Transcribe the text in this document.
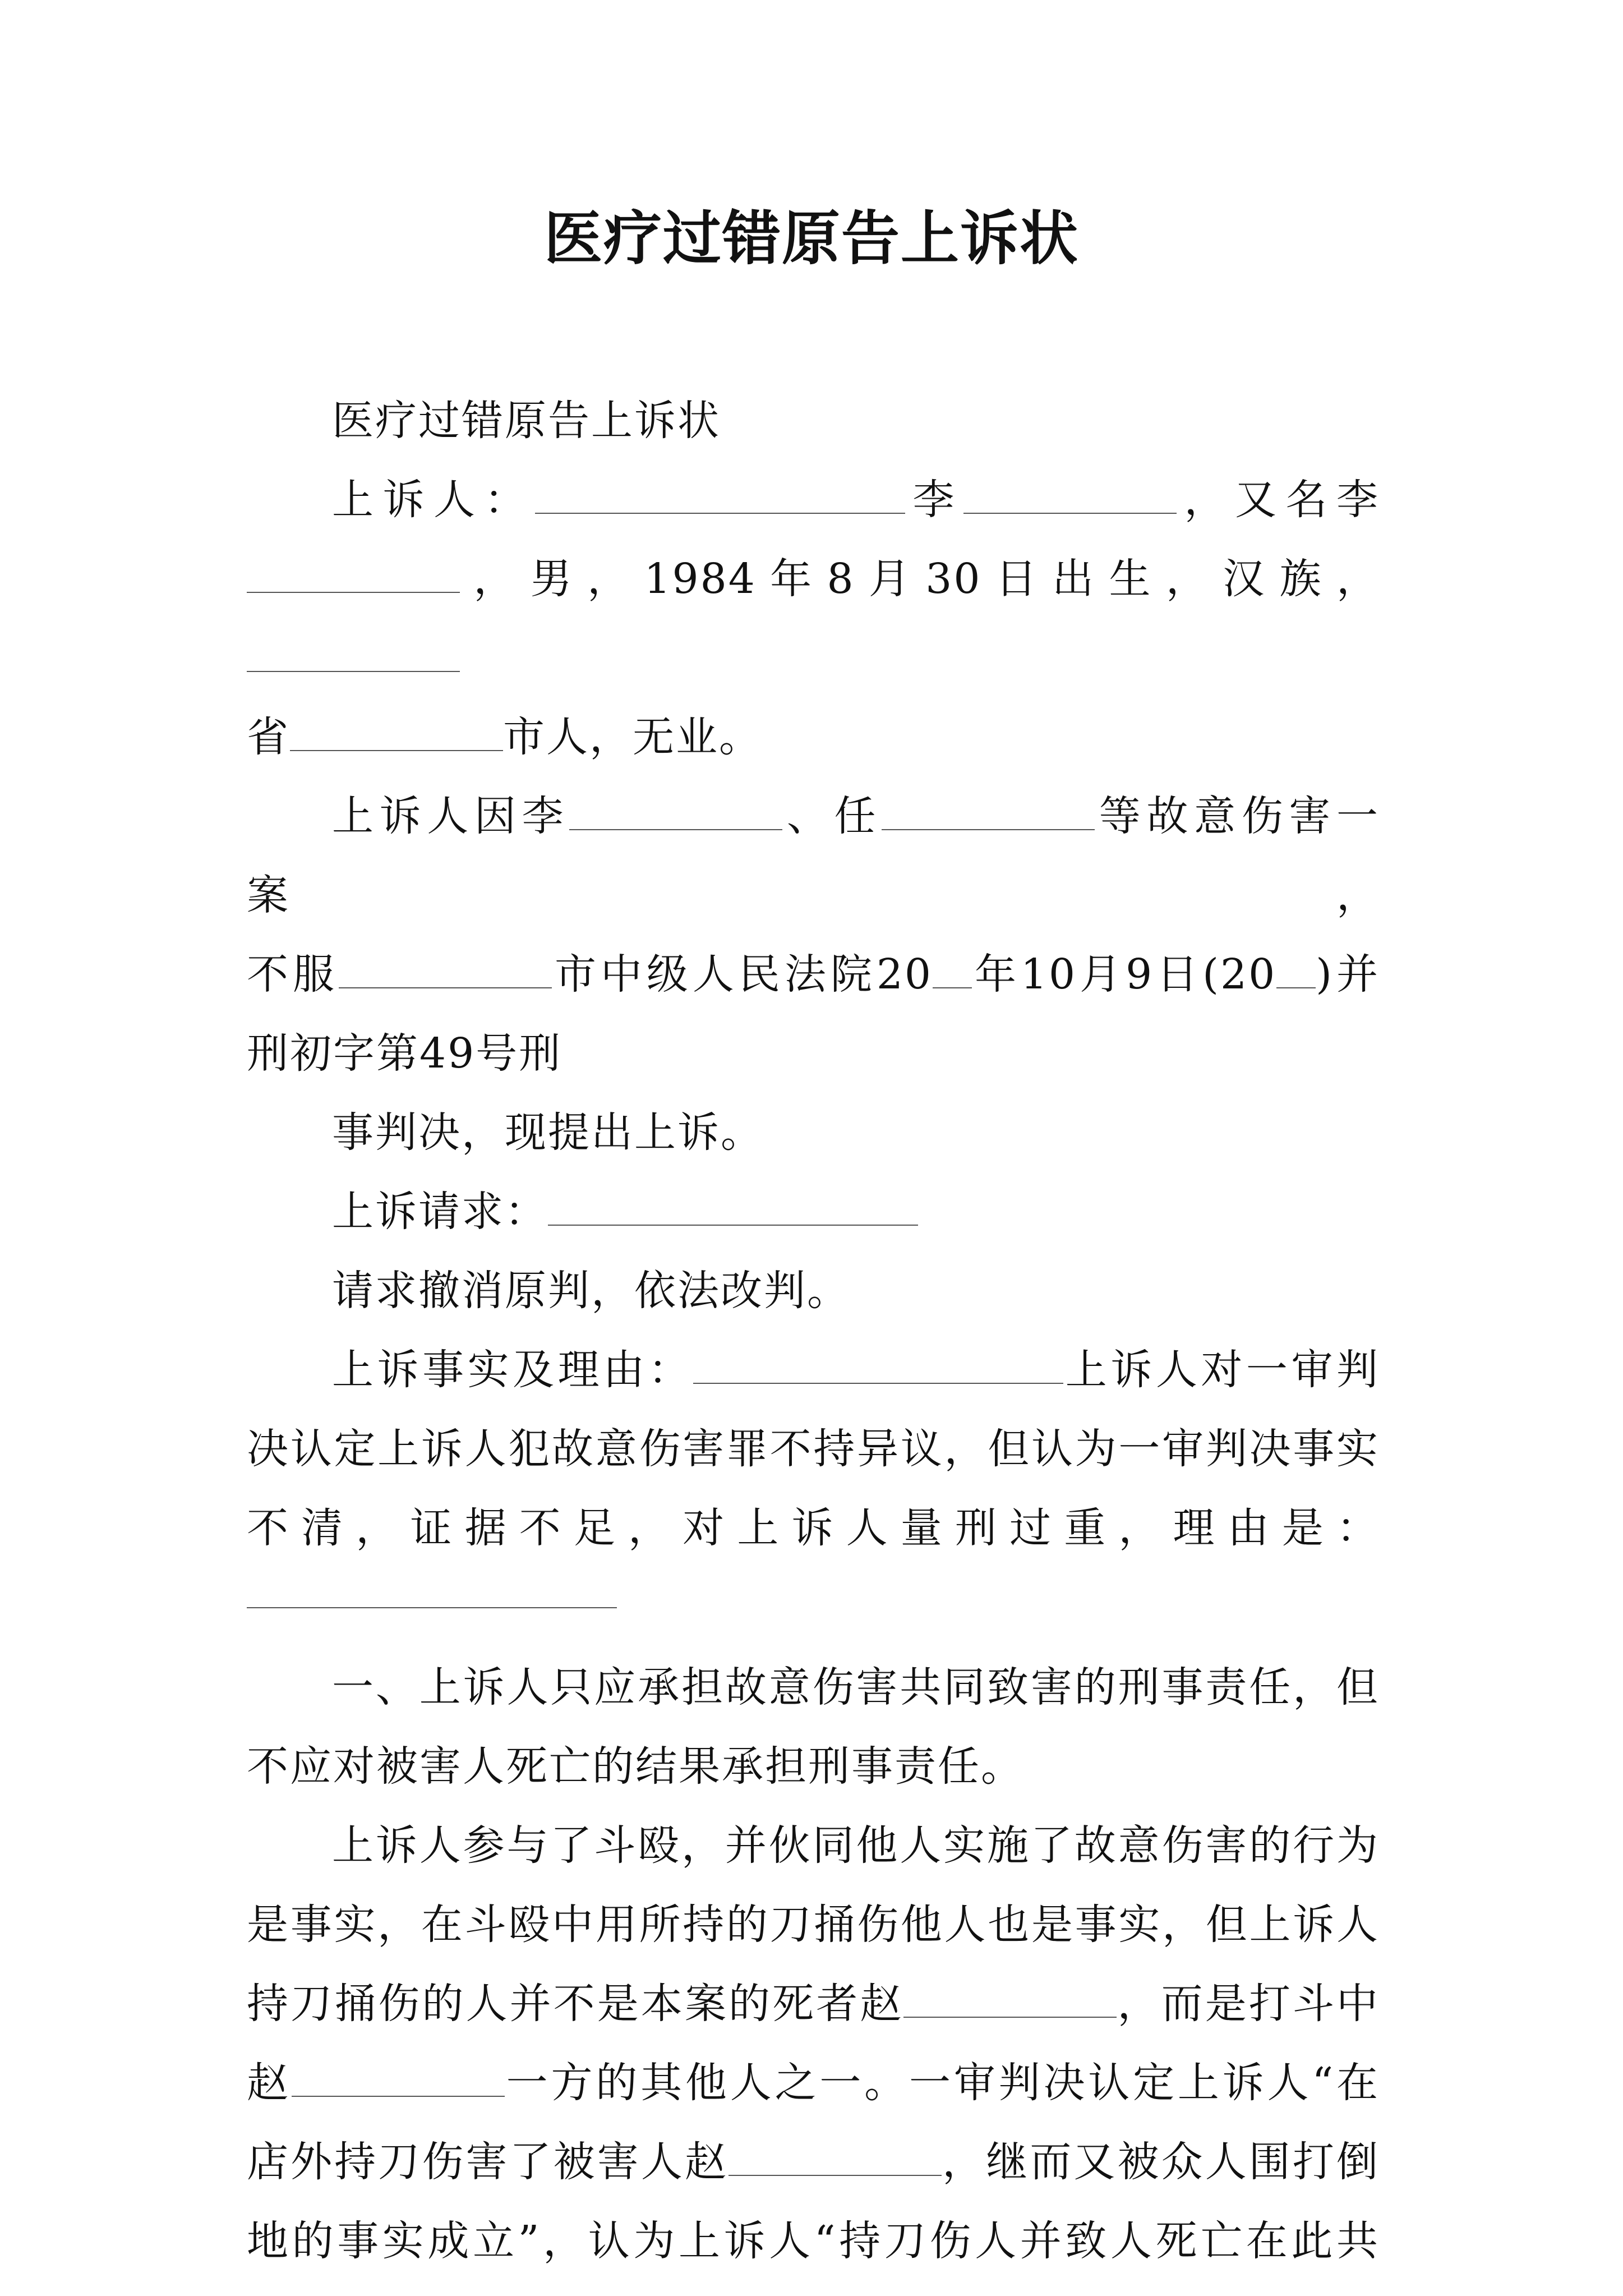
医疗过错原告上诉状

医疗过错原告上诉状

上诉人：	李	，又名李

，男，1984年8月30日出生，汉族，

省	市人，无业。

上诉人因李	、任	等故意伤害一案，

不服	市中级人民法院20 年10月9日(20 )并

刑初字第49号刑

事判决，现提出上诉。

上诉请求：

请求撤消原判，依法改判。

上诉事实及理由：	上诉人对一审判

决认定上诉人犯故意伤害罪不持异议，但认为一审判决事实

不清，证据不足，对上诉人量刑过重，理由是：

一、上诉人只应承担故意伤害共同致害的刑事责任，但

不应对被害人死亡的结果承担刑事责任。

上诉人参与了斗殴，并伙同他人实施了故意伤害的行为

是事实，在斗殴中用所持的刀捅伤他人也是事实，但上诉人

持刀捅伤的人并不是本案的死者赵	，而是打斗中

赵	一方的其他人之一。一审判决认定上诉人“在

店外持刀伤害了被害人赵	，继而又被众人围打倒

地的事实成立”，认为上诉人“持刀伤人并致人死亡在此共
